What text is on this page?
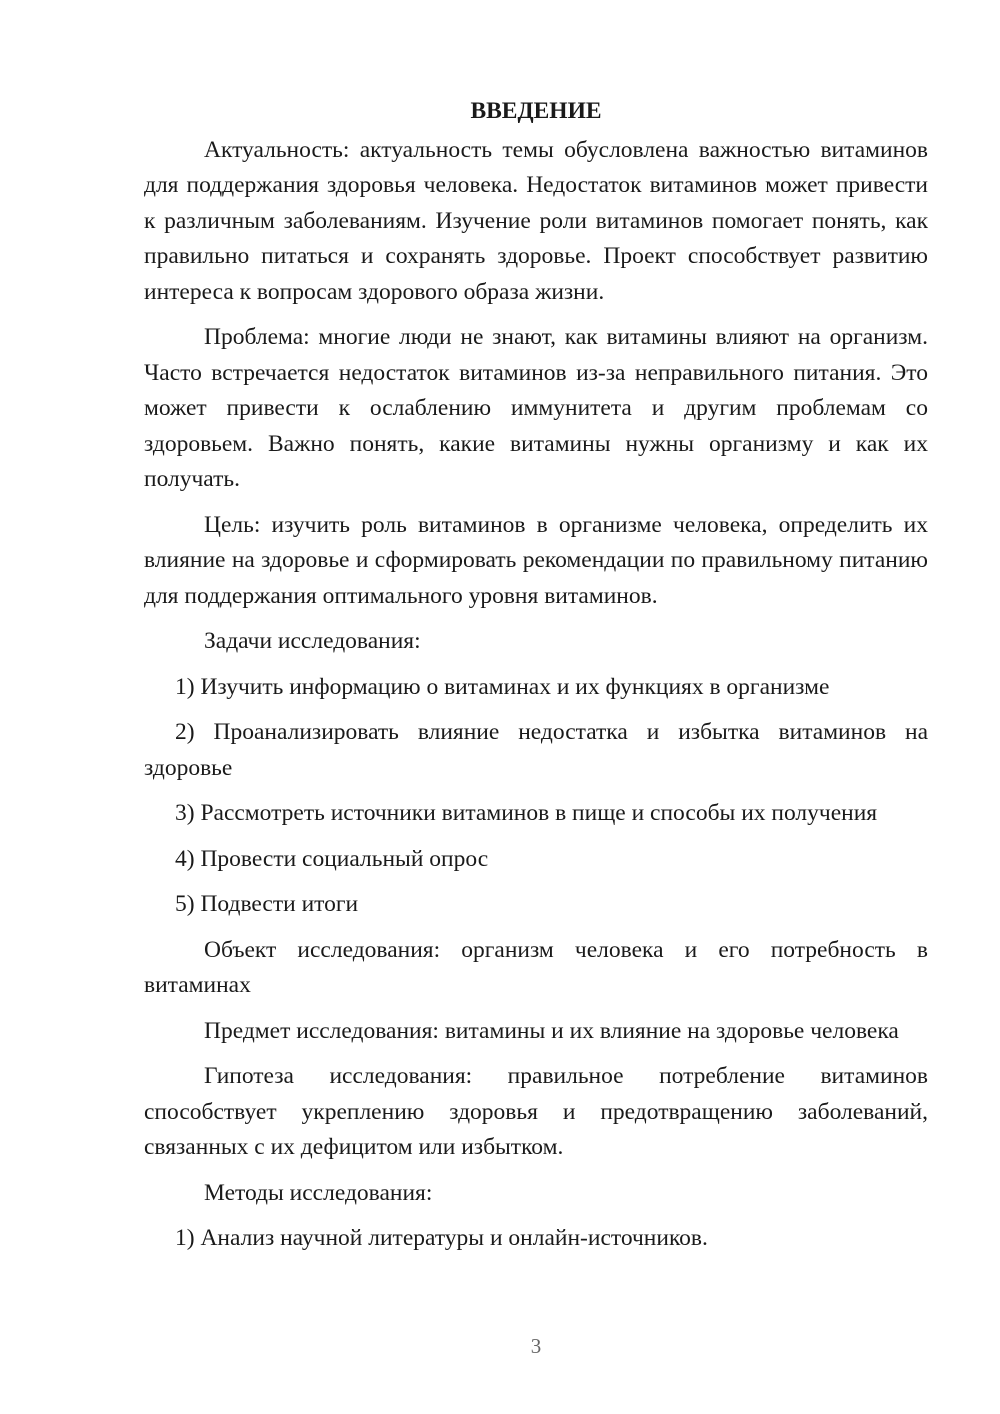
ВВЕДЕНИЕ

Актуальность: актуальность темы обусловлена важностью витаминов для поддержания здоровья человека. Недостаток витаминов может привести к различным заболеваниям. Изучение роли витаминов помогает понять, как правильно питаться и сохранять здоровье. Проект способствует развитию интереса к вопросам здорового образа жизни.

Проблема: многие люди не знают, как витамины влияют на организм. Часто встречается недостаток витаминов из-за неправильного питания. Это может привести к ослаблению иммунитета и другим проблемам со здоровьем. Важно понять, какие витамины нужны организму и как их получать.

Цель: изучить роль витаминов в организме человека, определить их влияние на здоровье и сформировать рекомендации по правильному питанию для поддержания оптимального уровня витаминов.

Задачи исследования:

1) Изучить информацию о витаминах и их функциях в организме

2) Проанализировать влияние недостатка и избытка витаминов на здоровье

3) Рассмотреть источники витаминов в пище и способы их получения

4) Провести социальный опрос

5) Подвести итоги

Объект исследования: организм человека и его потребность в витаминах

Предмет исследования: витамины и их влияние на здоровье человека

Гипотеза исследования: правильное потребление витаминов способствует укреплению здоровья и предотвращению заболеваний, связанных с их дефицитом или избытком.

Методы исследования:

1) Анализ научной литературы и онлайн-источников.

3
